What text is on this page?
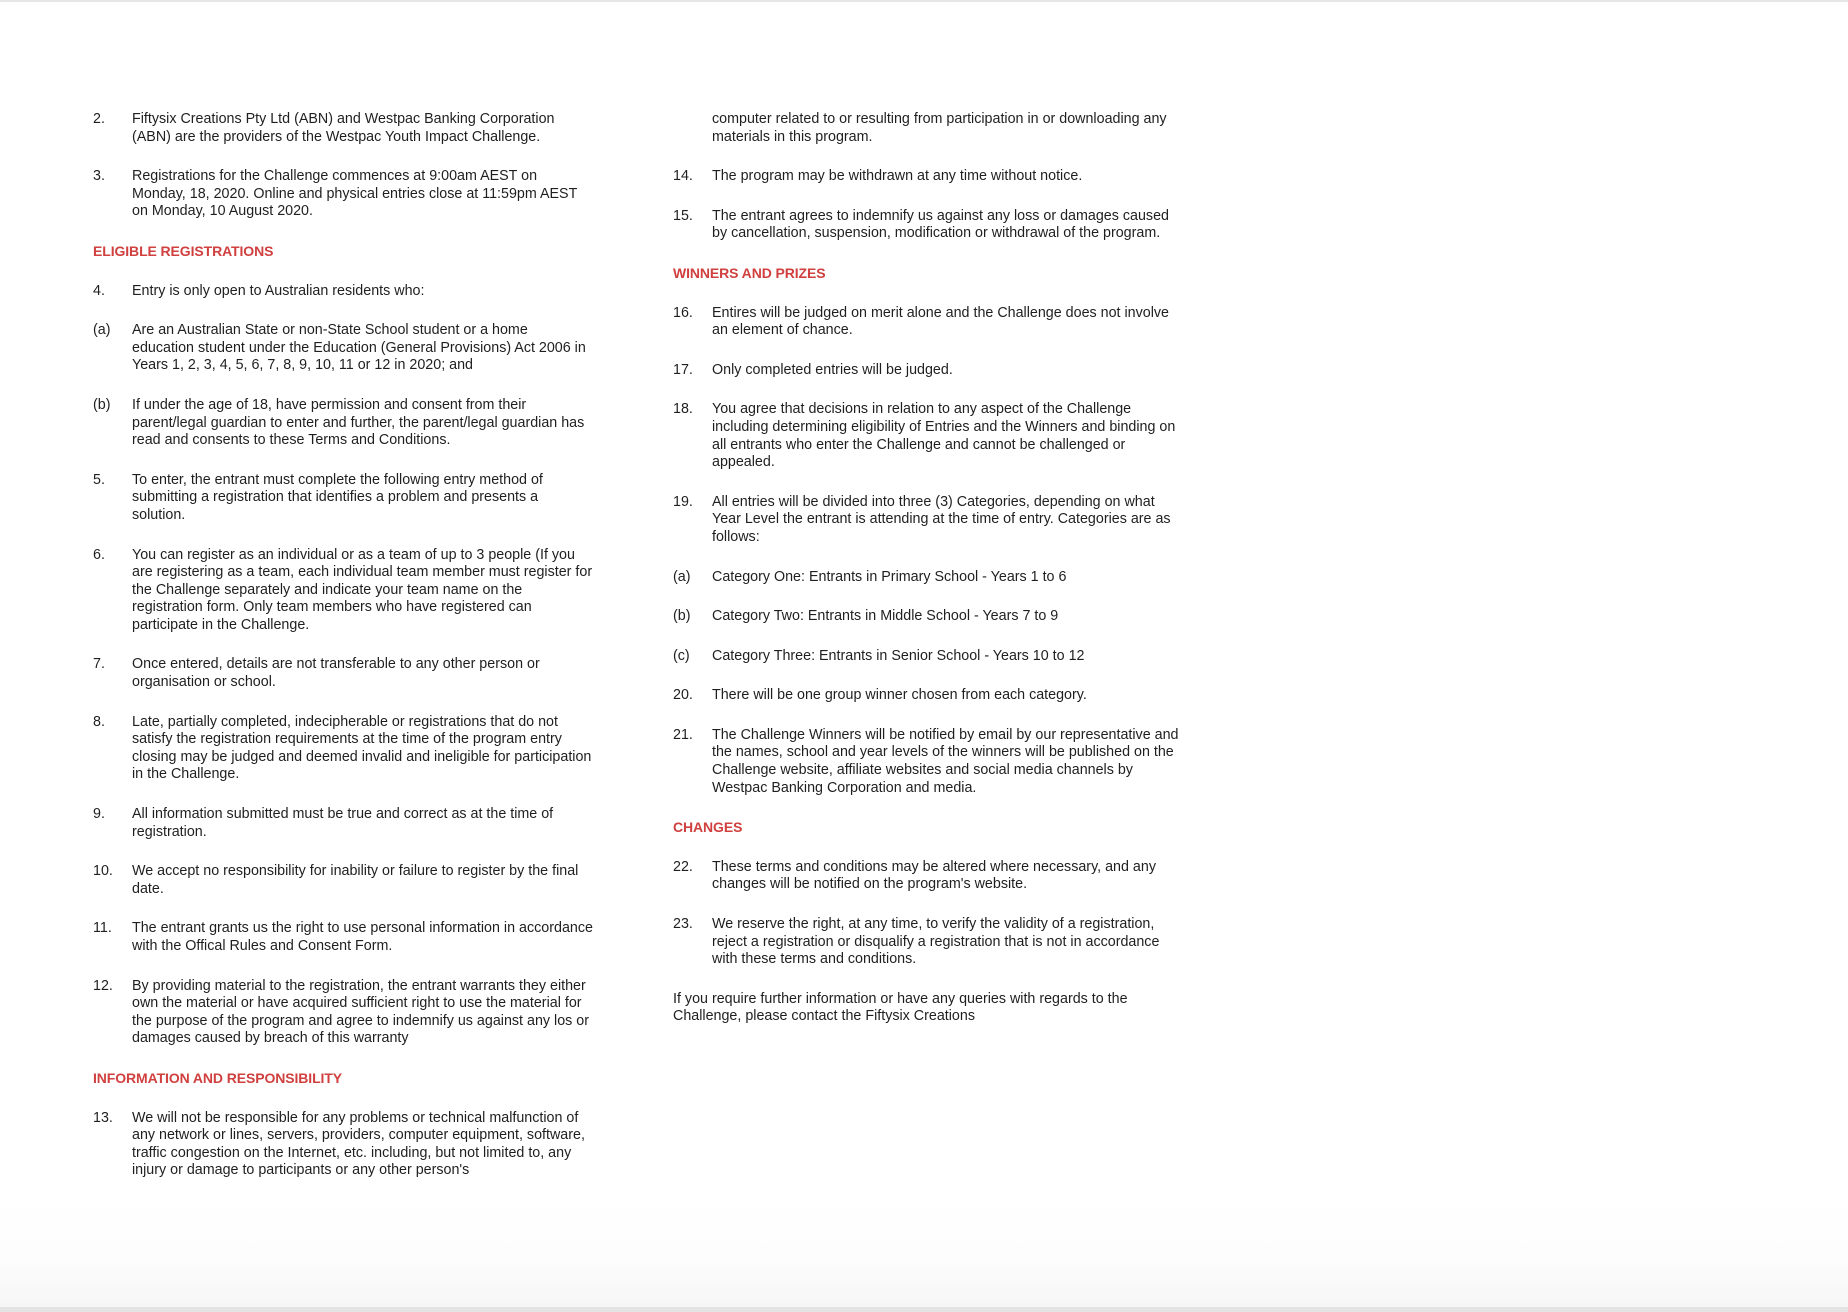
2.	Fiftysix Creations Pty Ltd (ABN) and Westpac Banking Corporation (ABN) are the providers of the Westpac Youth Impact Challenge.
3.	Registrations for the Challenge commences at 9:00am AEST on Monday, 18, 2020. Online and physical entries close at 11:59pm AEST on Monday, 10 August 2020.
ELIGIBLE REGISTRATIONS
4.	Entry is only open to Australian residents who:
(a)	Are an Australian State or non-State School student or a home education student under the Education (General Provisions) Act 2006 in Years 1, 2, 3, 4, 5, 6, 7, 8, 9, 10, 11 or 12 in 2020; and
(b)	If under the age of 18, have permission and consent from their parent/legal guardian to enter and further, the parent/legal guardian has read and consents to these Terms and Conditions.
5.	To enter, the entrant must complete the following entry method of submitting a registration that identifies a problem and presents a solution.
6.	You can register as an individual or as a team of up to 3 people (If you are registering as a team, each individual team member must register for the Challenge separately and indicate your team name on the registration form. Only team members who have registered can participate in the Challenge.
7.	Once entered, details are not transferable to any other person or organisation or school.
8.	Late, partially completed, indecipherable or registrations that do not satisfy the registration requirements at the time of the program entry closing may be judged and deemed invalid and ineligible for participation in the Challenge.
9.	All information submitted must be true and correct as at the time of registration.
10.	We accept no responsibility for inability or failure to register by the final date.
11.	The entrant grants us the right to use personal information in accordance with the Offical Rules and Consent Form.
12.	By providing material to the registration, the entrant warrants they either own the material or have acquired sufficient right to use the material for the purpose of the program and agree to indemnify us against any los or damages caused by breach of this warranty
INFORMATION AND RESPONSIBILITY
13.	We will not be responsible for any problems or technical malfunction of any network or lines, servers, providers, computer equipment, software, traffic congestion on the Internet, etc. including, but not limited to, any injury or damage to participants or any other person's
computer related to or resulting from participation in or downloading any materials in this program.
14.	The program may be withdrawn at any time without notice.
15.	The entrant agrees to indemnify us against any loss or damages caused by cancellation, suspension, modification or withdrawal of the program.
WINNERS AND PRIZES
16.	Entires will be judged on merit alone and the Challenge does not involve an element of chance.
17.	Only completed entries will be judged.
18.	You agree that decisions in relation to any aspect of the Challenge including determining eligibility of Entries and the Winners and binding on all entrants who enter the Challenge and cannot be challenged or appealed.
19.	All entries will be divided into three (3) Categories, depending on what Year Level the entrant is attending at the time of entry. Categories are as follows:
(a)	Category One: Entrants in Primary School - Years 1 to 6
(b)	Category Two: Entrants in Middle School - Years 7 to 9
(c)	Category Three: Entrants in Senior School - Years 10 to 12
20.	There will be one group winner chosen from each category.
21.	The Challenge Winners will be notified by email by our representative and the names, school and year levels of the winners will be published on the Challenge website, affiliate websites and social media channels by Westpac Banking Corporation and media.
CHANGES
22.	These terms and conditions may be altered where necessary, and any changes will be notified on the program's website.
23.	We reserve the right, at any time, to verify the validity of a registration, reject a registration or disqualify a registration that is not in accordance with these terms and conditions.

If you require further information or have any queries with regards to the Challenge, please contact the Fiftysix Creations
